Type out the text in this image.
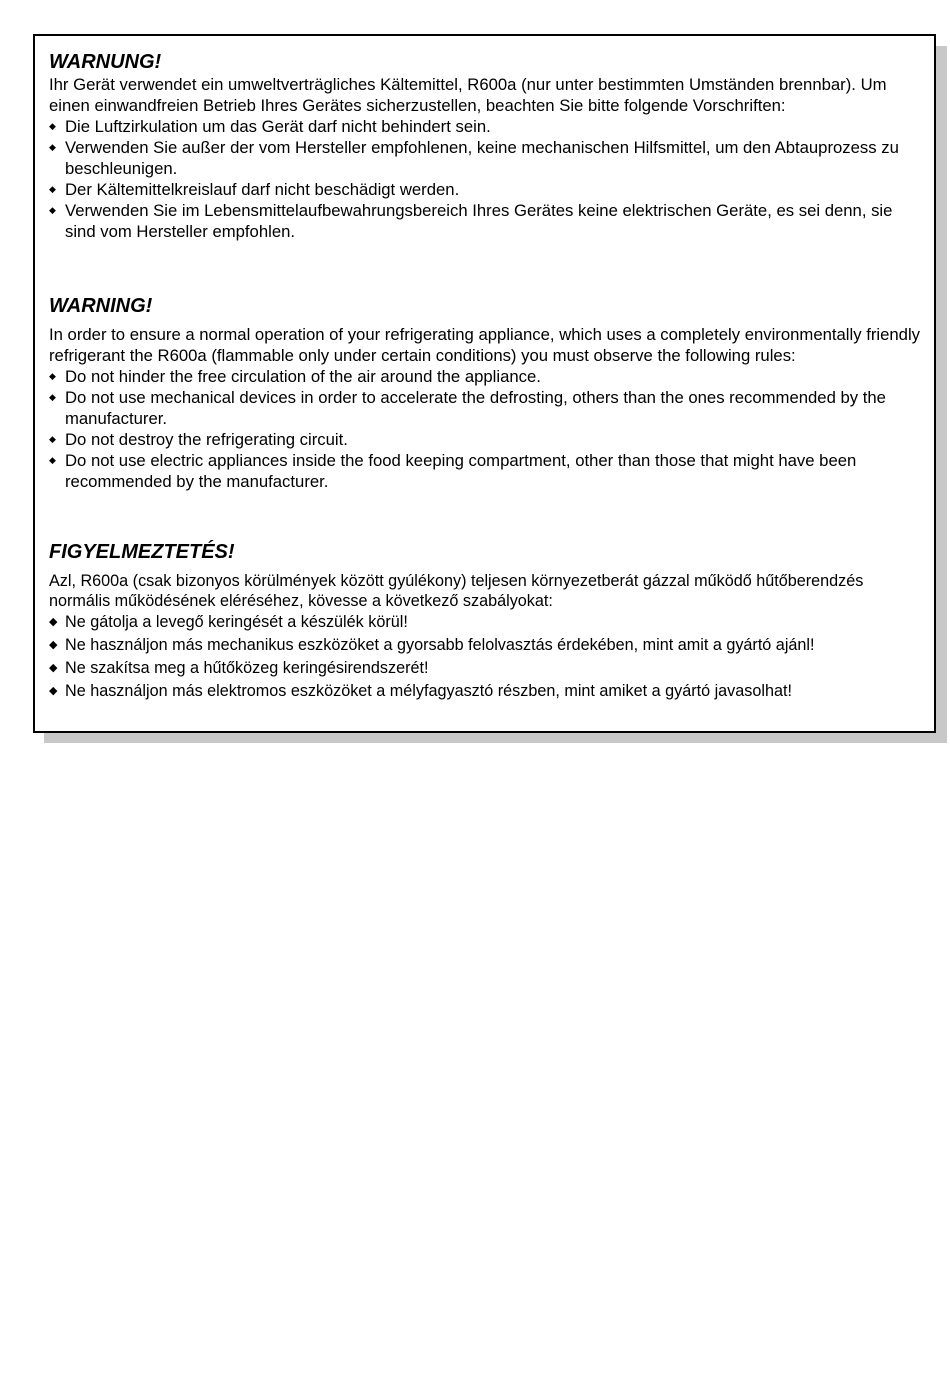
WARNUNG!

Ihr Gerät verwendet ein umweltverträgliches Kältemittel, R600a (nur unter bestimmten Umständen brennbar). Um einen einwandfreien Betrieb Ihres Gerätes sicherzustellen, beachten Sie bitte folgende Vorschriften:

◆ Die Luftzirkulation um das Gerät darf nicht behindert sein.
◆ Verwenden Sie außer der vom Hersteller empfohlenen, keine mechanischen Hilfsmittel, um den Abtauprozess zu beschleunigen.
◆ Der Kältemittelkreislauf darf nicht beschädigt werden.
◆ Verwenden Sie im Lebensmittelaufbewahrungsbereich Ihres Gerätes keine elektrischen Geräte, es sei denn, sie sind vom Hersteller empfohlen.
WARNING!

In order to ensure a normal operation of your refrigerating appliance, which uses a completely environmentally friendly refrigerant the R600a (flammable only under certain conditions) you must observe the following rules:

◆ Do not hinder the free circulation of the air around the appliance.
◆ Do not use mechanical devices in order to accelerate the defrosting, others than the ones recommended by the manufacturer.
◆ Do not destroy the refrigerating circuit.
◆ Do not use electric appliances inside the food keeping compartment, other than those that might have been recommended by the manufacturer.
FIGYELMEZTETÉS!

Azl, R600a (csak bizonyos körülmények között gyúlékony) teljesen környezetberát gázzal működő hűtőberendzés normális működésének eléréséhez, kövesse a következő szabályokat:

◆ Ne gátolja a levegő keringését a készülék körül!
◆ Ne használjon más mechanikus eszközöket a gyorsabb felolvasztás érdekében, mint amit a gyártó ajánl!
◆ Ne szakítsa meg a hűtőközeg keringésirendszerét!
◆ Ne használjon más elektromos eszközöket a mélyfagyasztó részben, mint amiket a gyártó javasolhat!
